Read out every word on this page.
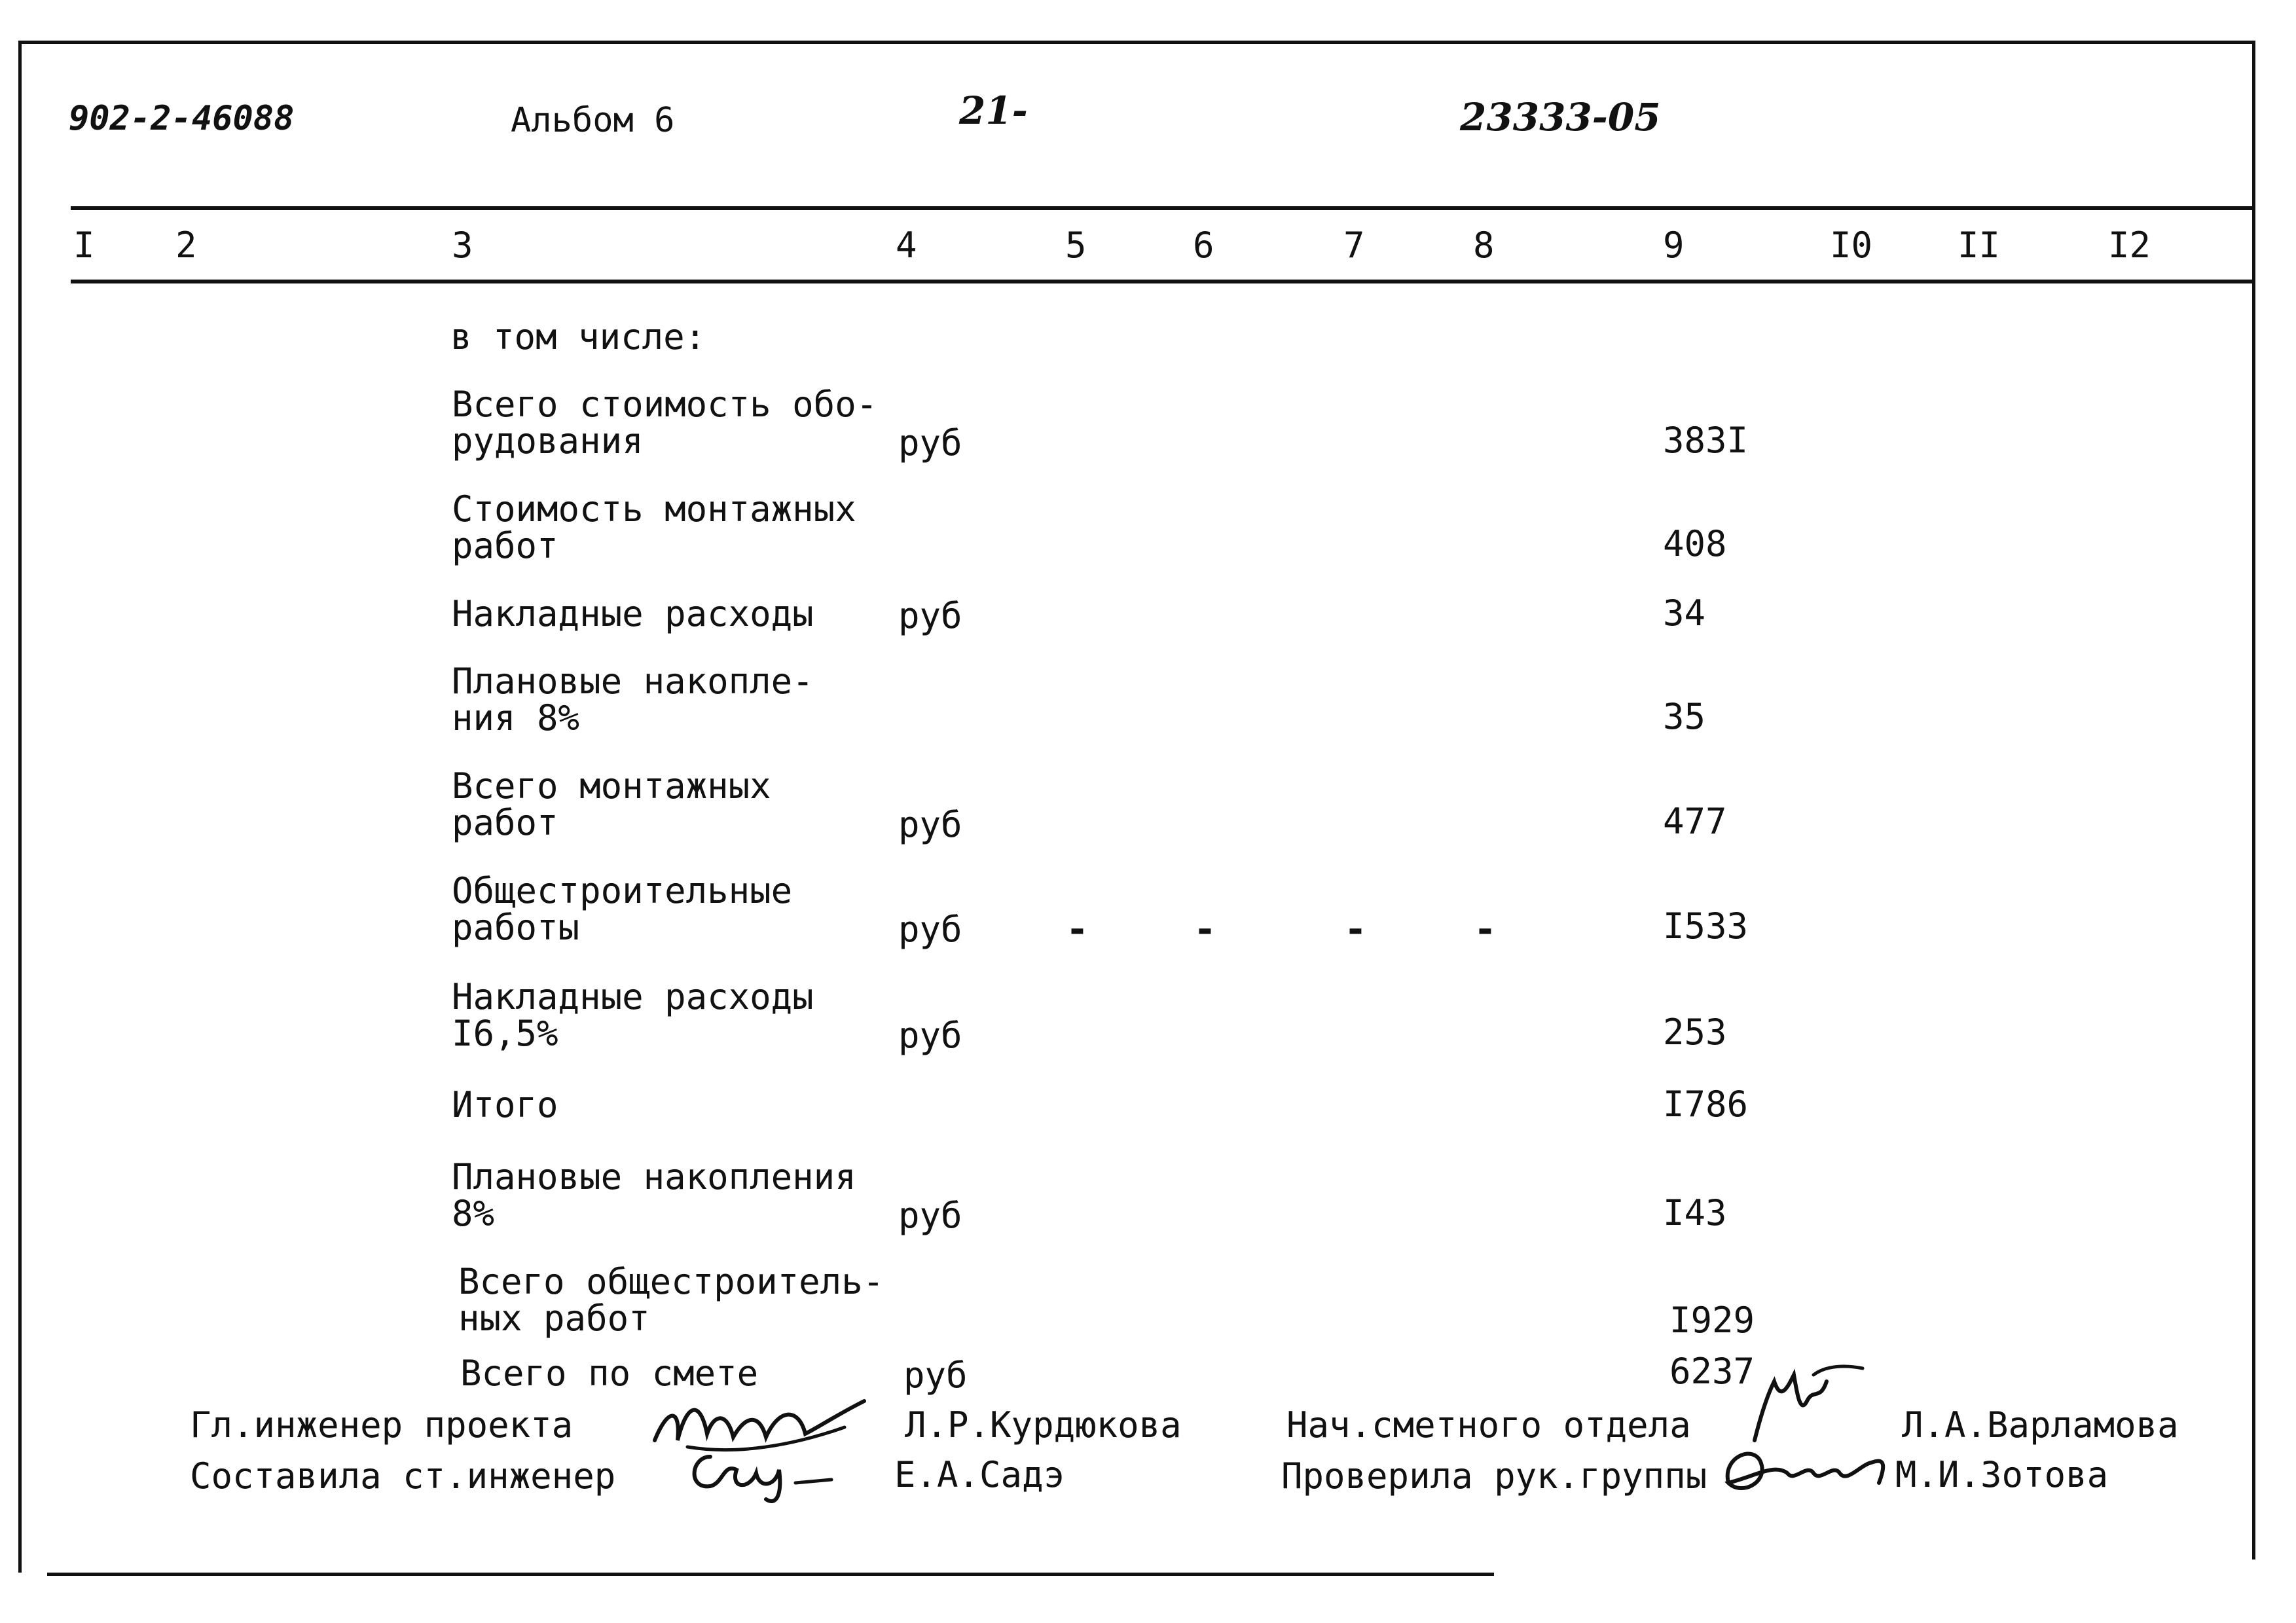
902-2-46088	Альбом 6	21-	23333-05
I 2	3	4	5	6	7	8	9	I0 II	I2
в том числе:
Всего стоимость обо-
рудования	руб	383I
Стоимость монтажных
работ	408
Накладные расходы руб	34
Плановые накопле-
ния 8%	35
Всего монтажных
работ	руб	477
Общестроительные
работы	руб	-	-	-	-	I533
Накладные расходы
I6,5%	руб	253
Итого	I786
Плановые накопления
8%	руб	I43
Всего общестроитель-
ных работ	I929
Всего по смете	руб	6237
Гл.инженер проекта	Л.Р.Курдюкова
Составила ст.инженер	Е.А.Садэ
Нач.сметного отдела	Л.А.Варламова
Проверила рук.группы	М.И.Зотова
